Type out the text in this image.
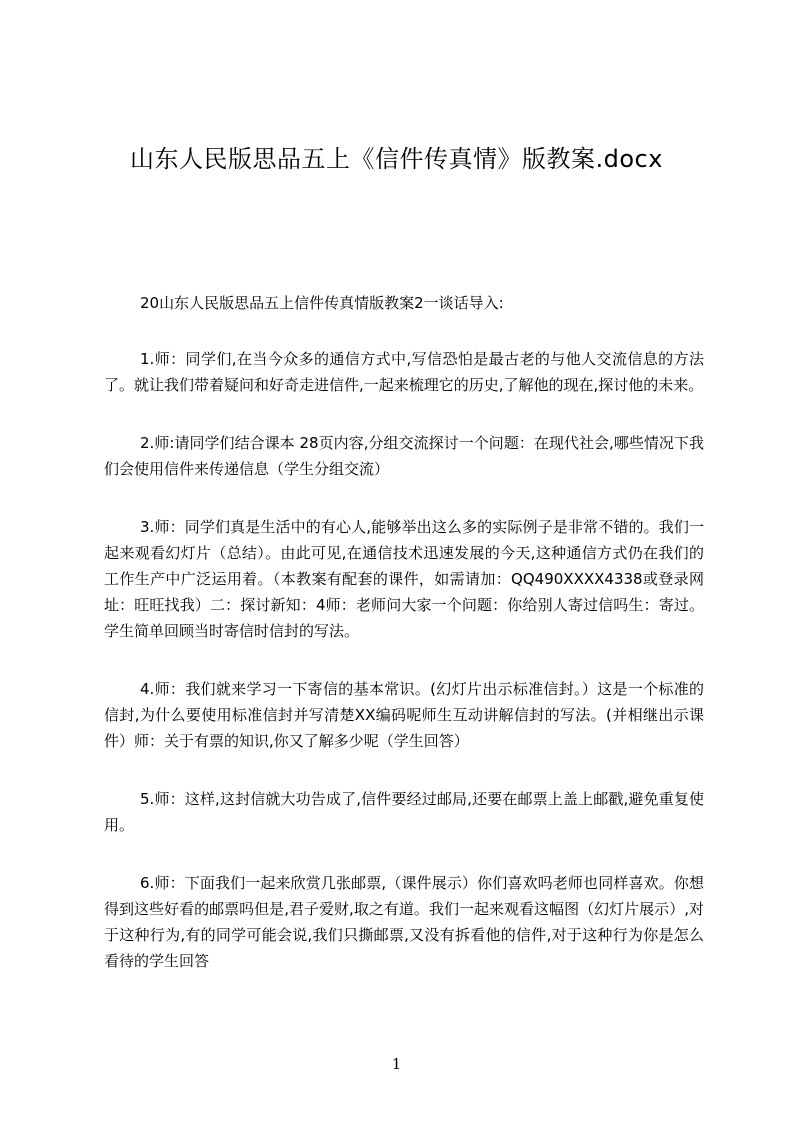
山东人民版思品五上《信件传真情》版教案.docx

20山东人民版思品五上信件传真情版教案2一谈话导入:

1.师：同学们,在当今众多的通信方式中,写信恐怕是最古老的与他人交流信息的方法了。就让我们带着疑问和好奇走进信件,一起来梳理它的历史,了解他的现在,探讨他的未来。

2.师:请同学们结合课本 28页内容,分组交流探讨一个问题：在现代社会,哪些情况下我们会使用信件来传递信息（学生分组交流）

3.师：同学们真是生活中的有心人,能够举出这么多的实际例子是非常不错的。我们一起来观看幻灯片（总结）。由此可见,在通信技术迅速发展的今天,这种通信方式仍在我们的工作生产中广泛运用着。（本教案有配套的课件，如需请加：QQ490XXXX4338或登录网址：旺旺找我）二：探讨新知：4师：老师问大家一个问题：你给别人寄过信吗生：寄过。学生简单回顾当时寄信时信封的写法。

4.师：我们就来学习一下寄信的基本常识。(幻灯片出示标准信封。）这是一个标准的信封,为什么要使用标准信封并写清楚XX编码呢师生互动讲解信封的写法。(并相继出示课件）师：关于有票的知识,你又了解多少呢（学生回答）

5.师：这样,这封信就大功告成了,信件要经过邮局,还要在邮票上盖上邮戳,避免重复使用。

6.师：下面我们一起来欣赏几张邮票,（课件展示）你们喜欢吗老师也同样喜欢。你想得到这些好看的邮票吗但是,君子爱财,取之有道。我们一起来观看这幅图（幻灯片展示）,对于这种行为,有的同学可能会说,我们只撕邮票,又没有拆看他的信件,对于这种行为你是怎么看待的学生回答

1
